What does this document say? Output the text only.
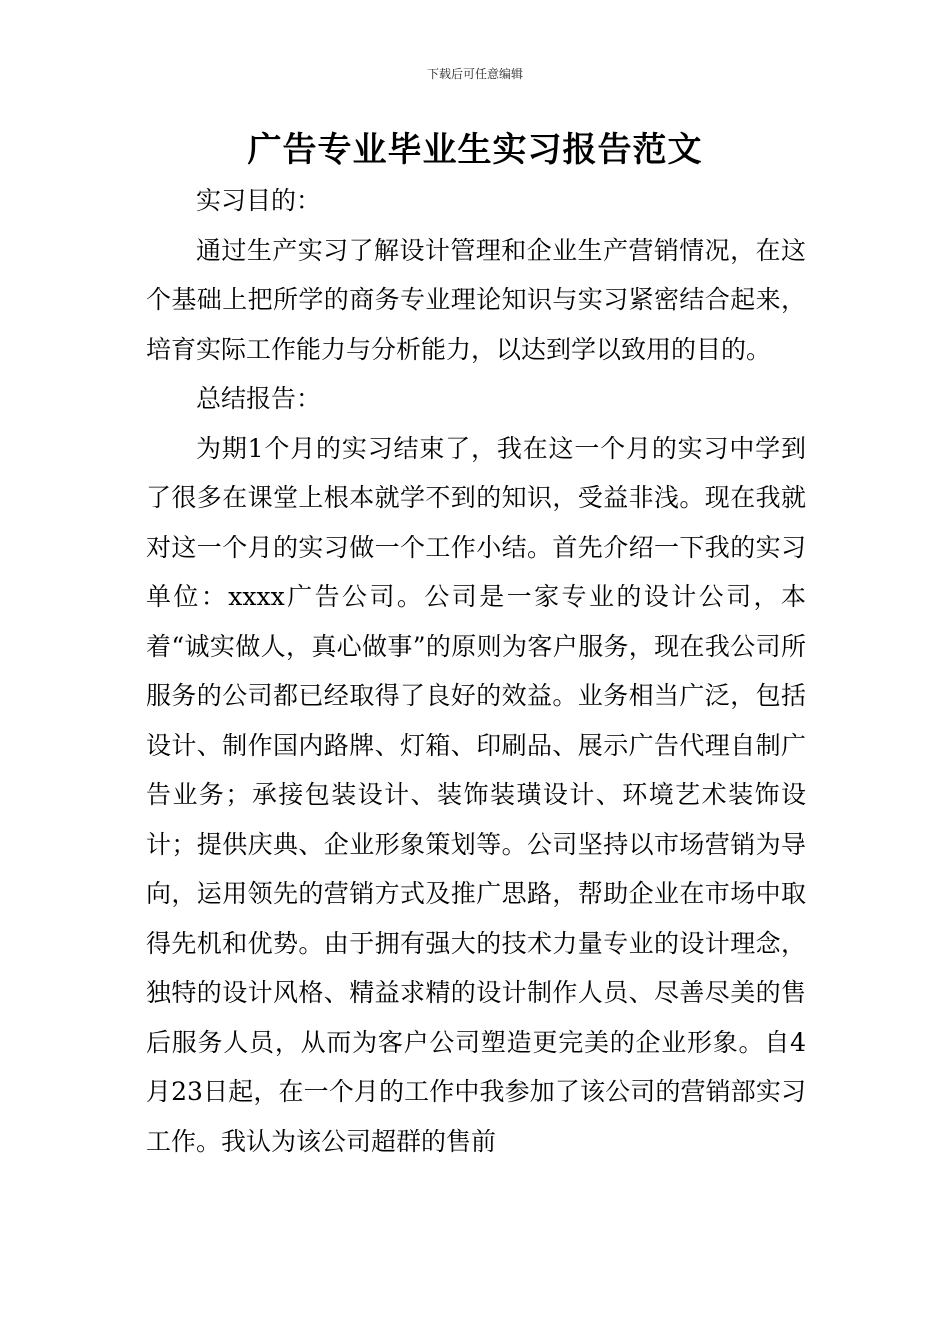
下载后可任意编辑
广告专业毕业生实习报告范文

实习目的：

通过生产实习了解设计管理和企业生产营销情况，在这个基础上把所学的商务专业理论知识与实习紧密结合起来，培育实际工作能力与分析能力，以达到学以致用的目的。

总结报告：

为期1个月的实习结束了，我在这一个月的实习中学到了很多在课堂上根本就学不到的知识，受益非浅。现在我就对这一个月的实习做一个工作小结。首先介绍一下我的实习单位：xxxx广告公司。公司是一家专业的设计公司，本着“诚实做人，真心做事”的原则为客户服务，现在我公司所服务的公司都已经取得了良好的效益。业务相当广泛，包括设计、制作国内路牌、灯箱、印刷品、展示广告代理自制广告业务；承接包装设计、装饰装璜设计、环境艺术装饰设计；提供庆典、企业形象策划等。公司坚持以市场营销为导向，运用领先的营销方式及推广思路，帮助企业在市场中取得先机和优势。由于拥有强大的技术力量专业的设计理念，独特的设计风格、精益求精的设计制作人员、尽善尽美的售后服务人员，从而为客户公司塑造更完美的企业形象。自4月23日起，在一个月的工作中我参加了该公司的营销部实习工作。我认为该公司超群的售前
